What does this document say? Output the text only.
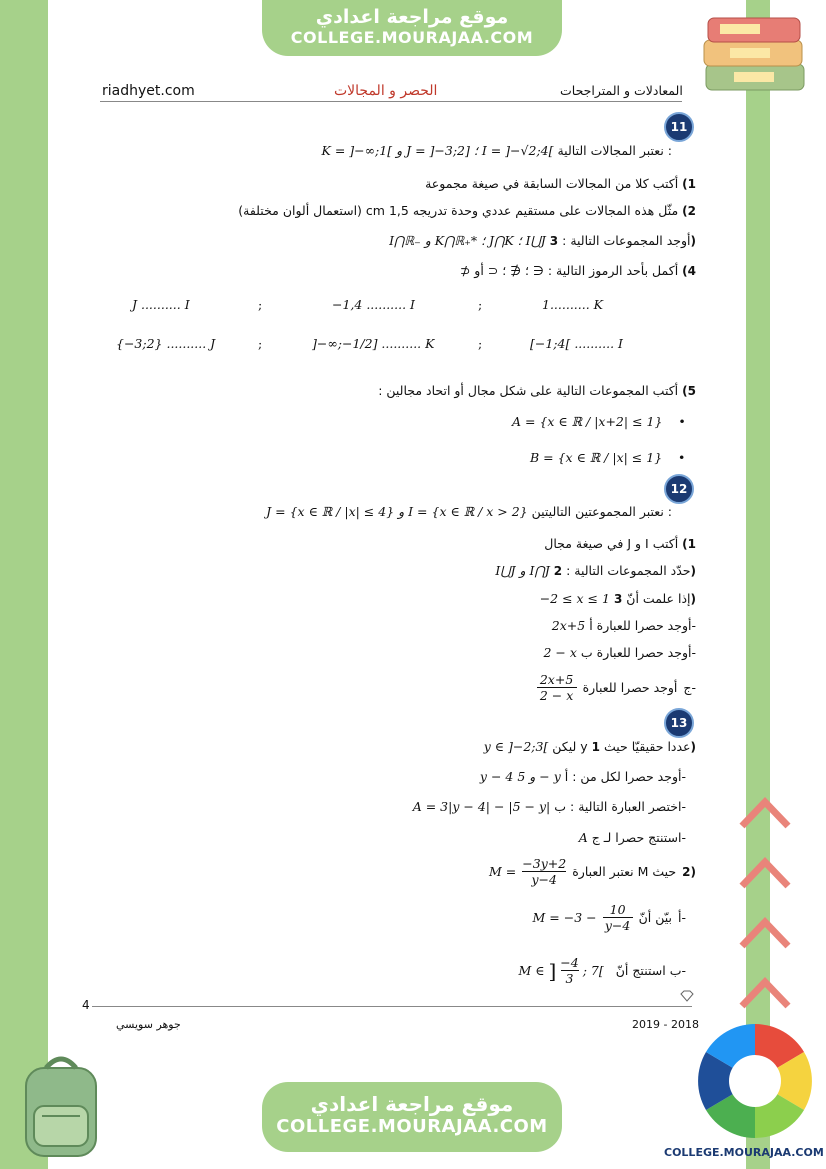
موقع مراجعة اعدادي
COLLEGE.MOURAJAA.COM
riadhyet.com	الحصر و المجالات	المعادلات و المتراجحات
11
K = ]−∞;1[ و J = ]−3;2] ؛ I = ]−√2;4[ نعتبر المجالات التالية :
1) أكتب كلا من المجالات السابقة في صيغة مجموعة
2) مثّل هذه المجالات على مستقيم عددي وحدة تدريجه 1,5 cm (استعمال ألوان مختلفة)
I⋂ℝ₋ و K⋂ℝ₊* ؛ J⋂K ؛ I⋃J أوجد المجموعات التالية : 3)
4) أكمل بأحد الرموز التالية : ∈ ؛ ∉ ؛ ⊂ أو ⊄
J .......... I	;	−1,4 .......... I	;	1.......... K
{−3;2} .......... J	;	]−∞;−1/2] .......... K	;	[−1;4[ .......... I
5) أكتب المجموعات التالية على شكل مجال أو اتحاد مجالين :
A = {x ∈ ℝ / |x+2| ≤ 1}    •
B = {x ∈ ℝ / |x| ≤ 1}    •
12
J = {x ∈ ℝ / |x| ≤ 4} و I = {x ∈ ℝ / x > 2} نعتبر المجموعتين التاليتين :
1) أكتب I و J في صيغة مجال
I⋃J و I⋂J حدّد المجموعات التالية : 2)
−2 ≤ x ≤ 1 إذا علمت أنّ 3)
2x+5 أوجد حصرا للعبارة أ-
2 − x أوجد حصرا للعبارة ب-
2x+5
2 − x
أوجد حصرا للعبارة ج-
13
y ∈ ]−2;3[ ليكن y عددا حقيقيّا حيث 1)
y − 4 و 5 − y أوجد حصرا لكل من : أ-
A = 3|y − 4| − |5 − y| اختصر العبارة التالية : ب-
A استنتج حصرا لـ ج-
M =
−3y+2
y−4
نعتبر العبارة M حيث 2)
M = −3 −
10
y−4
بيّن أنّ أ-
M ∈ ] −4
3
; 7[ استنتج أنّ ب-
4
جوهر سويسي	2019 - 2018
موقع مراجعة اعدادي
COLLEGE.MOURAJAA.COM
COLLEGE.MOURAJAA.COM
